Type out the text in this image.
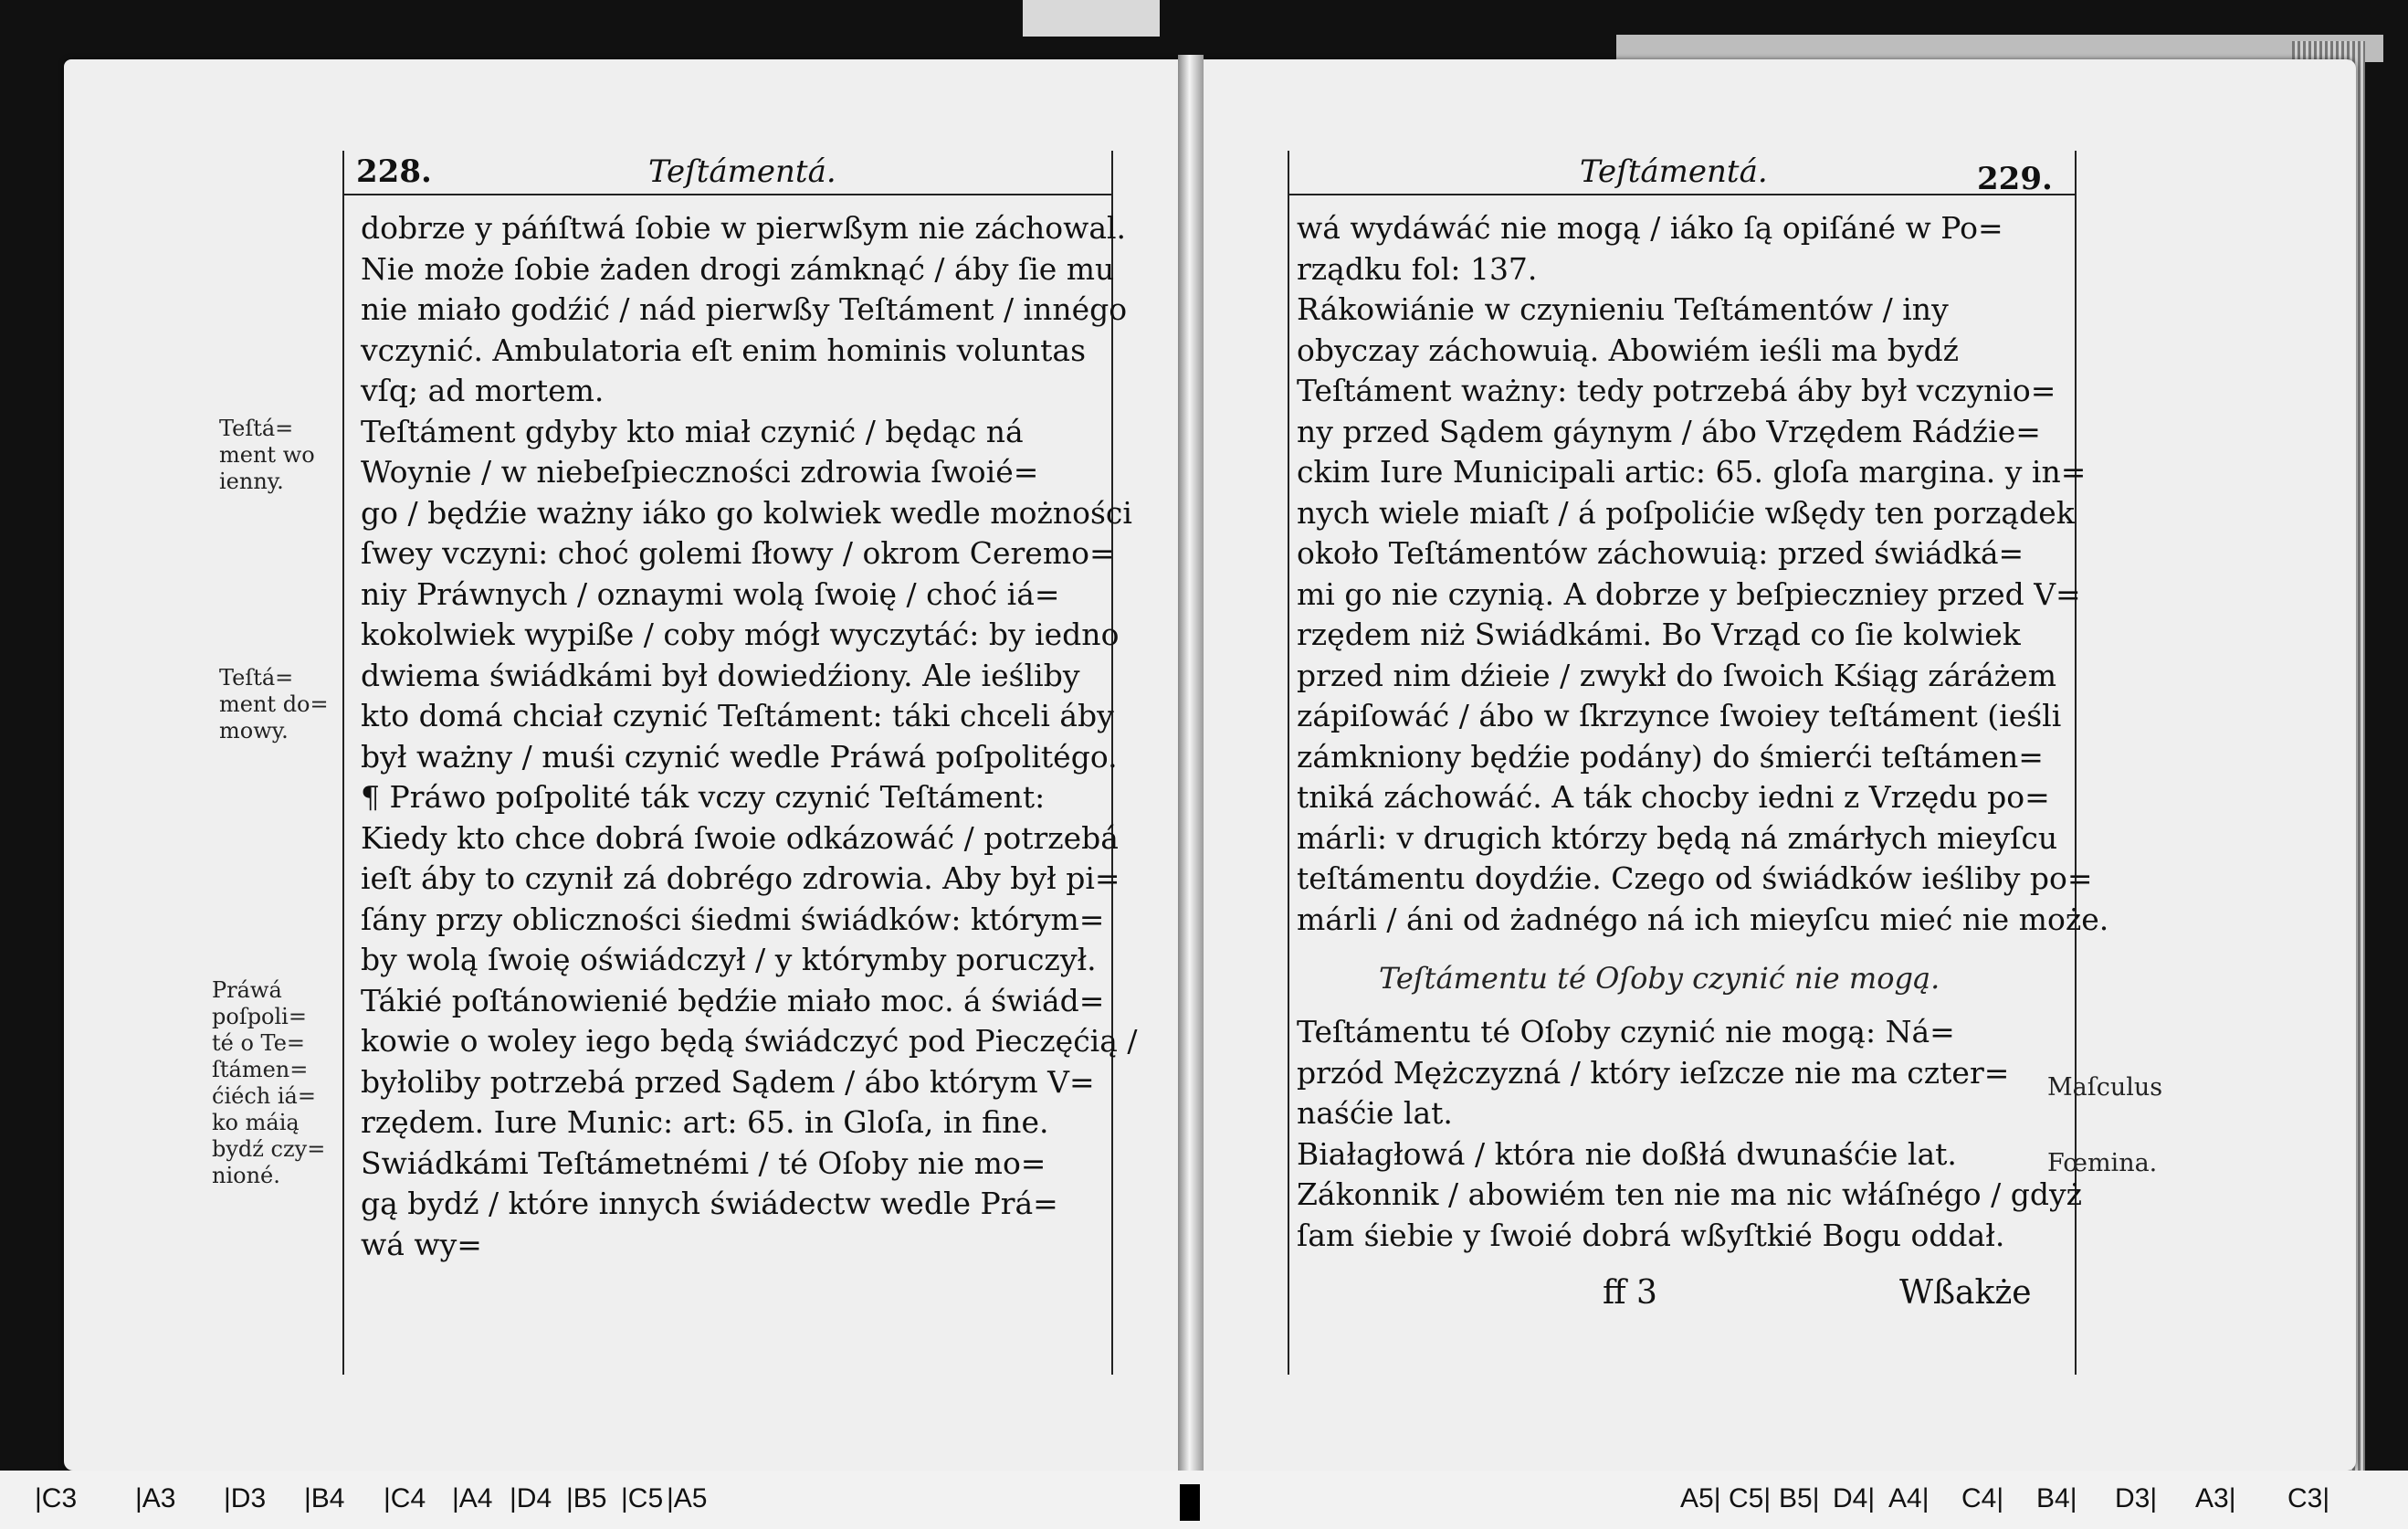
228.	Teſtámentá.

dobrze y páńſtwá ſobie w pierwßym nie záchowal.

Nie może ſobie żaden drogi zámknąć / áby ſie mu

nie miało godźić / nád pierwßy Teſtáment / innégo

vczynić. Ambulatoria eſt enim hominis voluntas

vſq; ad mortem.

Teſtáment gdyby kto miał czynić / będąc ná

Woynie / w niebeſpieczności zdrowia ſwoié=

go / będźie ważny iáko go kolwiek wedle możności

ſwey vczyni: choć golemi ſłowy / okrom Ceremo=

niy Práwnych / oznaymi wolą ſwoię / choć iá=

kokolwiek wypiße / coby mógł wyczytáć: by iedno

dwiema świádkámi był dowiedźiony. Ale ieśliby

kto domá chciał czynić Teſtáment: táki chceli áby

był ważny / muśi czynić wedle Práwá poſpolitégo.

¶ Práwo poſpolité ták vczy czynić Teſtáment:

Kiedy kto chce dobrá ſwoie odkázowáć / potrzebá

ieſt áby to czynił zá dobrégo zdrowia. Aby był pi=

ſány przy obliczności śiedmi świádków: którym=

by wolą ſwoię oświádczył / y którymby poruczył.

Tákié poſtánowienié będźie miało moc. á świád=

kowie o woley iego będą świádczyć pod Pieczęćią /

byłoliby potrzebá przed Sądem / ábo którym V=

rzędem. Iure Munic: art: 65. in Gloſa, in fine.

Swiádkámi Teſtámetnémi / té Oſoby nie mo=

gą bydź / które innych świádectw wedle Prá=

wá wy=

Teſtá=

ment wo

ienny.

Teſtá=

ment do=

mowy.

Práwá

poſpoli=

té o Te=

ſtámen=

ćiéch iá=

ko máią

bydź czy=

nioné.

Teſtámentá.	229.

wá wydáwáć nie mogą / iáko ſą opiſáné w Po=

rządku fol: 137.

Rákowiánie w czynieniu Teſtámentów / iny

obyczay záchowuią. Abowiém ieśli ma bydź

Teſtáment ważny: tedy potrzebá áby był vczynio=

ny przed Sądem gáynym / ábo Vrzędem Rádźie=

ckim Iure Municipali artic: 65. gloſa margina. y in=

nych wiele miaſt / á poſpolićie wßędy ten porządek

około Teſtámentów záchowuią: przed świádká=

mi go nie czynią. A dobrze y beſpieczniey przed V=

rzędem niż Swiádkámi. Bo Vrząd co ſie kolwiek

przed nim dźieie / zwykł do ſwoich Kśiąg záráżem

zápiſowáć / ábo w ſkrzynce ſwoiey teſtáment (ieśli

zámkniony będźie podány) do śmierći teſtámen=

tniká záchowáć. A ták chocby iedni z Vrzędu po=

márli: v drugich którzy będą ná zmárłych mieyſcu

teſtámentu doydźie. Czego od świádków ieśliby po=

márli / áni od żadnégo ná ich mieyſcu mieć nie może.

Teſtámentu té Oſoby czynić nie mogą.

Teſtámentu té Oſoby czynić nie mogą: Ná=

przód Mężczyzná / który ieſzcze nie ma czter=

naśćie lat.

Białagłowá / która nie doßłá dwunaśćie lat.

Zákonnik / abowiém ten nie ma nic włáſnégo / gdyż

ſam śiebie y ſwoié dobrá wßyſtkié Bogu oddał.

Maſculus
Fœmina.
ff 3	Wßakże
|C3 |A3 |D3 |B4 |C4 |A4 |D4 |B5 |C5 |A5	A5| C5| B5| D4| A4| C4| B4| D3| A3| C3|
